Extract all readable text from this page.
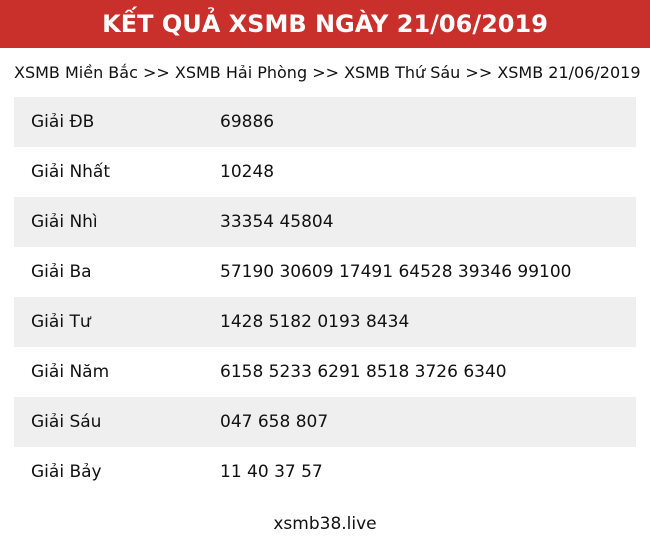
KẾT QUẢ XSMB NGÀY 21/06/2019
XSMB Miền Bắc >> XSMB Hải Phòng >> XSMB Thứ Sáu >> XSMB 21/06/2019
Giải ĐB	69886
Giải Nhất	10248
Giải Nhì	33354 45804
Giải Ba	57190 30609 17491 64528 39346 99100
Giải Tư	1428 5182 0193 8434
Giải Năm	6158 5233 6291 8518 3726 6340
Giải Sáu	047 658 807
Giải Bảy	11 40 37 57
xsmb38.live
